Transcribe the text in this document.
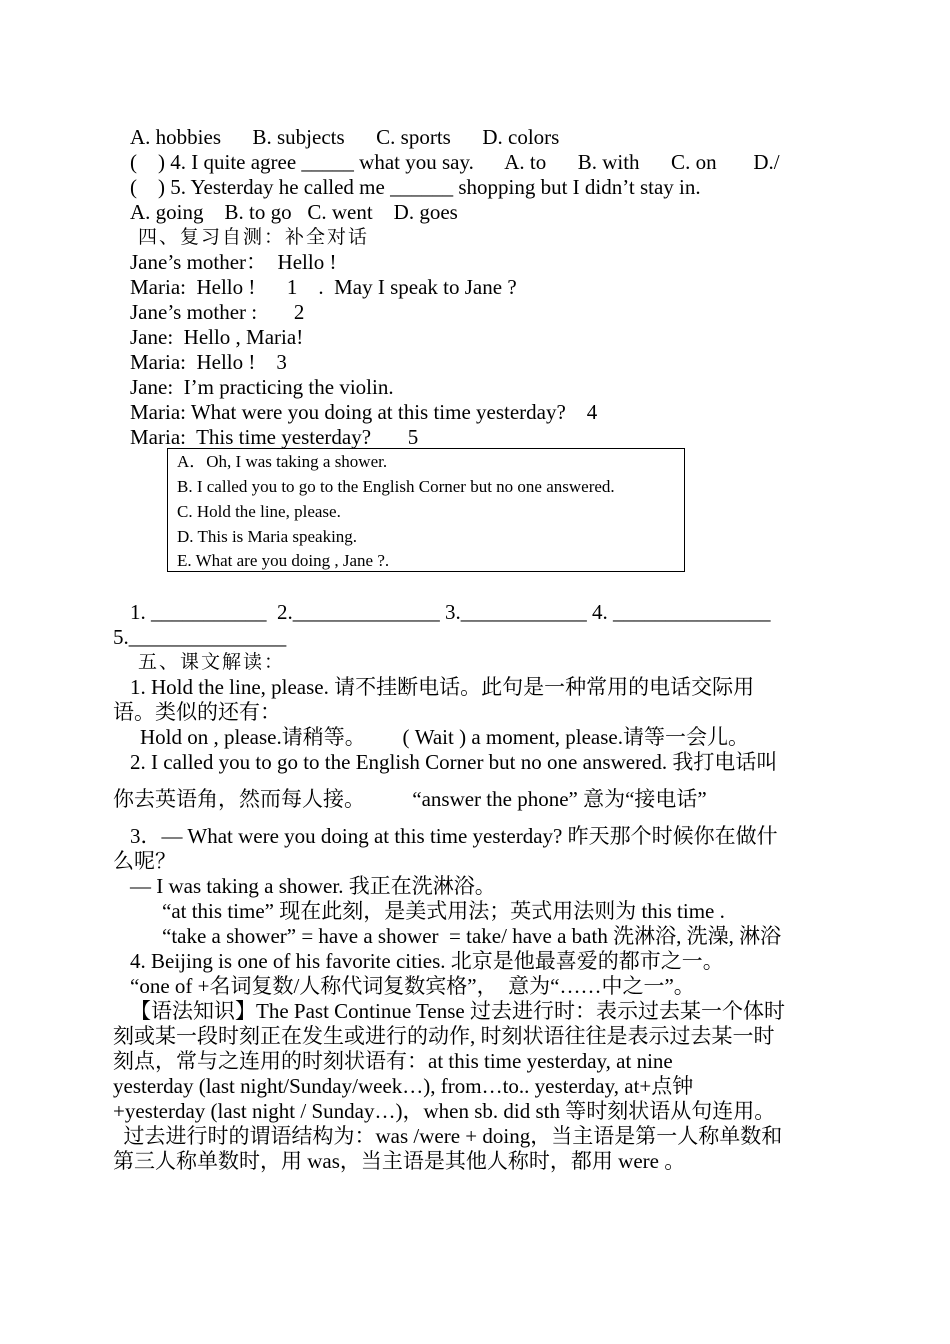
A. hobbies      B. subjects      C. sports      D. colors
(    ) 4. I quite agree _____ what you say.      A. to      B. with      C. on       D./
(    ) 5. Yesterday he called me ______ shopping but I didn’t stay in.
A. going    B. to go   C. went    D. goes
四、复习自测：补全对话
Jane’s mother：  Hello !
Maria:  Hello !      1    .  May I speak to Jane ?
Jane’s mother :       2
Jane:  Hello , Maria!
Maria:  Hello !    3
Jane:  I’m practicing the violin.
Maria: What were you doing at this time yesterday?    4
Maria:  This time yesterday?       5
A．Oh, I was taking a shower.
B. I called you to go to the English Corner but no one answered.
C. Hold the line, please.
D. This is Maria speaking.
E. What are you doing , Jane ?.
1. ___________  2.______________ 3.____________ 4. _______________
5._______________
五、课文解读：
1. Hold the line, please. 请不挂断电话。此句是一种常用的电话交际用
语。类似的还有：
Hold on , please.请稍等。       ( Wait ) a moment, please.请等一会儿。
2. I called you to go to the English Corner but no one answered. 我打电话叫
你去英语角，然而每人接。         “answer the phone” 意为“接电话”
3．— What were you doing at this time yesterday? 昨天那个时候你在做什
么呢？
— I was taking a shower. 我正在洗淋浴。
“at this time” 现在此刻，是美式用法；英式用法则为 this time .
“take a shower” = have a shower  = take/ have a bath 洗淋浴, 洗澡, 淋浴
4. Beijing is one of his favorite cities. 北京是他最喜爱的都市之一。
“one of +名词复数/人称代词复数宾格”，  意为“……中之一”。
【语法知识】The Past Continue Tense 过去进行时：表示过去某一个体时
刻或某一段时刻正在发生或进行的动作, 时刻状语往往是表示过去某一时
刻点，常与之连用的时刻状语有：at this time yesterday, at nine
yesterday (last night/Sunday/week…), from…to.. yesterday, at+点钟
+yesterday (last night / Sunday…)，when sb. did sth 等时刻状语从句连用。
过去进行时的谓语结构为：was /were + doing，当主语是第一人称单数和
第三人称单数时，用 was，当主语是其他人称时，都用 were 。
